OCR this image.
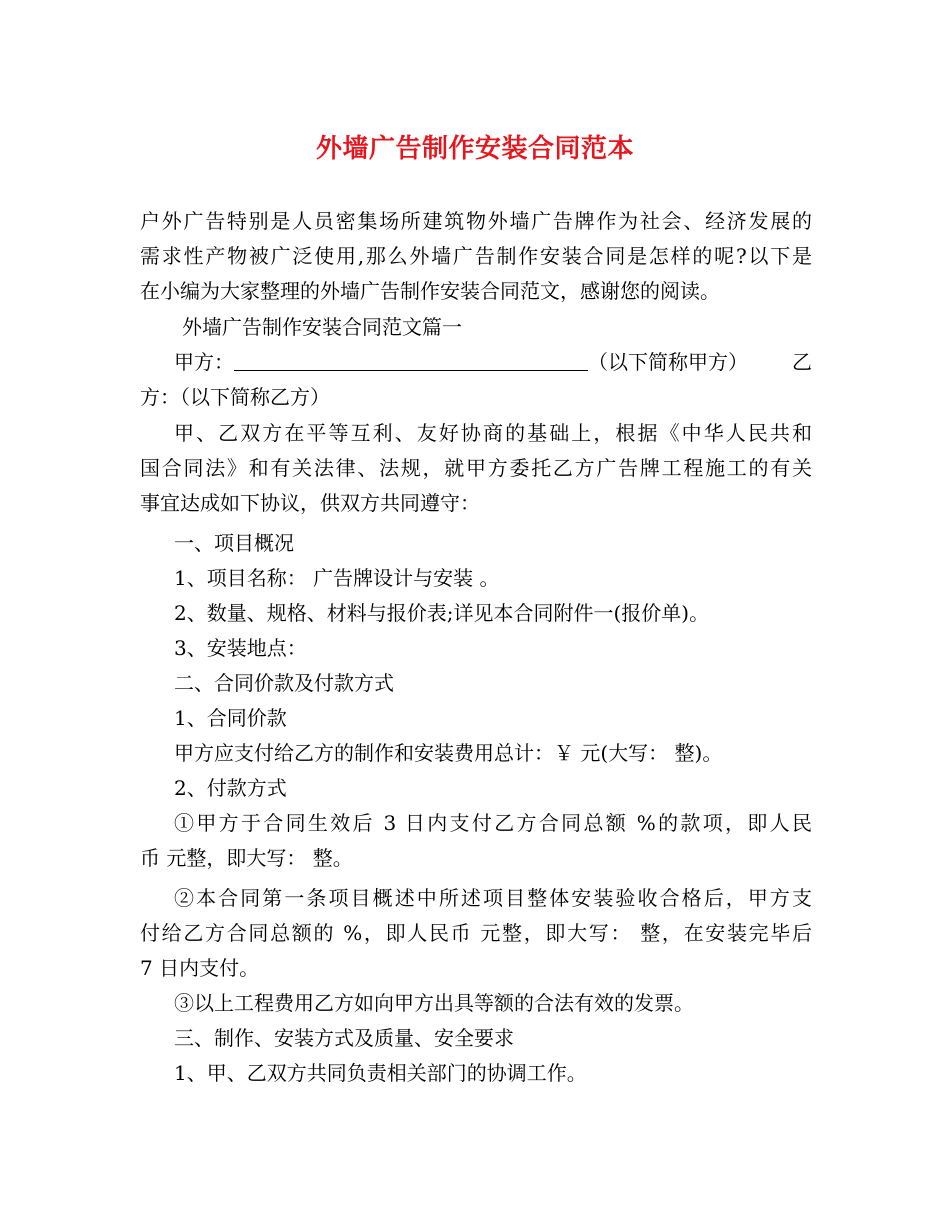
外墙广告制作安装合同范本
户外广告特别是人员密集场所建筑物外墙广告牌作为社会、经济发展的
需求性产物被广泛使用,那么外墙广告制作安装合同是怎样的呢?以下是
在小编为大家整理的外墙广告制作安装合同范文，感谢您的阅读。
外墙广告制作安装合同范文篇一
甲方：	（以下简称甲方） 乙
方：（以下简称乙方）
甲、乙双方在平等互利、友好协商的基础上，根据《中华人民共和
国合同法》和有关法律、法规，就甲方委托乙方广告牌工程施工的有关
事宜达成如下协议，供双方共同遵守：
一、项目概况
1、项目名称： 广告牌设计与安装 。
2、数量、规格、材料与报价表;详见本合同附件一(报价单)。
3、安装地点：
二、合同价款及付款方式
1、合同价款
甲方应支付给乙方的制作和安装费用总计：￥ 元(大写： 整)。
2、付款方式
①甲方于合同生效后 3 日内支付乙方合同总额 %的款项，即人民
币 元整，即大写： 整。
②本合同第一条项目概述中所述项目整体安装验收合格后，甲方支
付给乙方合同总额的 %，即人民币 元整，即大写： 整，在安装完毕后
7 日内支付。
③以上工程费用乙方如向甲方出具等额的合法有效的发票。
三、制作、安装方式及质量、安全要求
1、甲、乙双方共同负责相关部门的协调工作。
